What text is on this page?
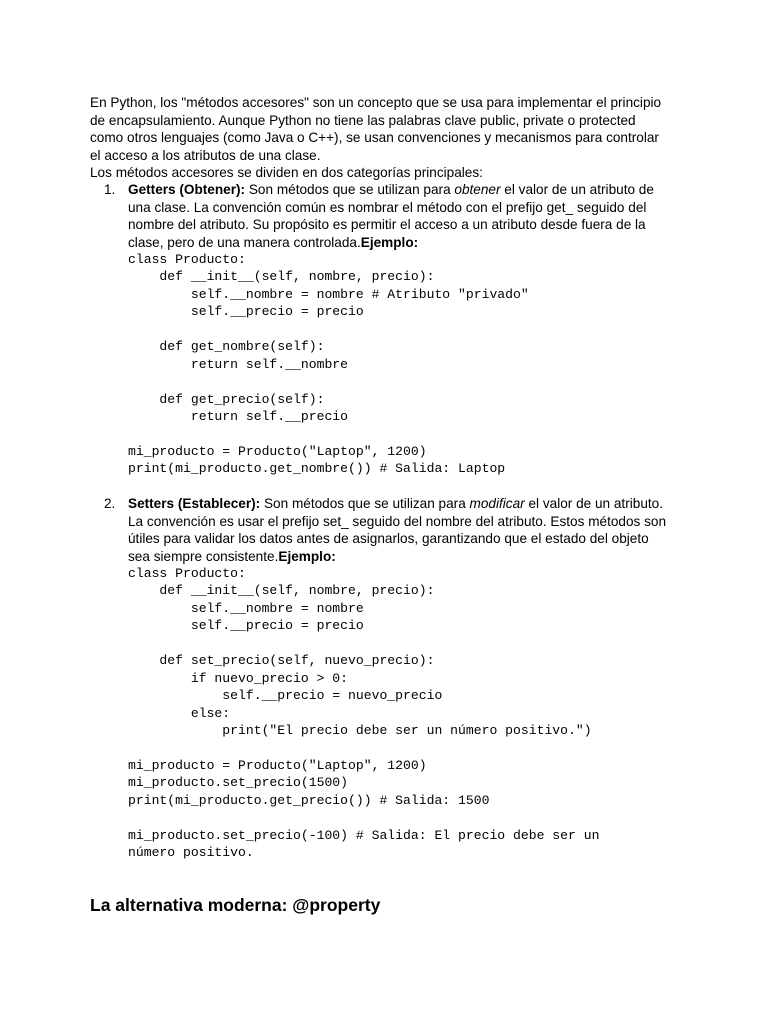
En Python, los "métodos accesores" son un concepto que se usa para implementar el principio
de encapsulamiento. Aunque Python no tiene las palabras clave public, private o protected
como otros lenguajes (como Java o C++), se usan convenciones y mecanismos para controlar
el acceso a los atributos de una clase.
Los métodos accesores se dividen en dos categorías principales:
1. Getters (Obtener): Son métodos que se utilizan para obtener el valor de un atributo de
una clase. La convención común es nombrar el método con el prefijo get_ seguido del
nombre del atributo. Su propósito es permitir el acceso a un atributo desde fuera de la
clase, pero de una manera controlada.Ejemplo:
class Producto:
def __init__(self, nombre, precio):
self.__nombre = nombre # Atributo "privado"
self.__precio = precio
def get_nombre(self):
return self.__nombre
def get_precio(self):
return self.__precio
mi_producto = Producto("Laptop", 1200)
print(mi_producto.get_nombre()) # Salida: Laptop
2. Setters (Establecer): Son métodos que se utilizan para modificar el valor de un atributo.
La convención es usar el prefijo set_ seguido del nombre del atributo. Estos métodos son
útiles para validar los datos antes de asignarlos, garantizando que el estado del objeto
sea siempre consistente.Ejemplo:
class Producto:
def __init__(self, nombre, precio):
self.__nombre = nombre
self.__precio = precio
def set_precio(self, nuevo_precio):
if nuevo_precio > 0:
self.__precio = nuevo_precio
else:
print("El precio debe ser un número positivo.")
mi_producto = Producto("Laptop", 1200)
mi_producto.set_precio(1500)
print(mi_producto.get_precio()) # Salida: 1500
mi_producto.set_precio(-100) # Salida: El precio debe ser un
número positivo.
La alternativa moderna: @property
